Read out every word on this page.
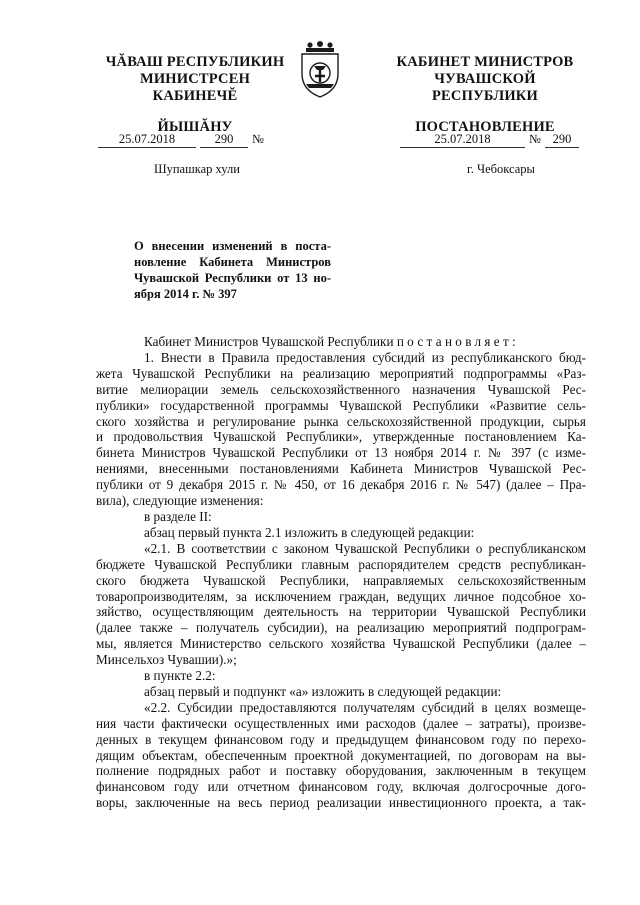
ЧĂВАШ РЕСПУБЛИКИН
МИНИСТРСЕН КАБИНЕЧĔ
ЙЫШĂНУ
КАБИНЕТ МИНИСТРОВ
ЧУВАШСКОЙ РЕСПУБЛИКИ
ПОСТАНОВЛЕНИЕ
25.07.2018	290 №	25.07.2018	№ 290
Шупашкар хули	г. Чебоксары
О внесении изменений в поста-
новление Кабинета Министров
Чувашской Республики от 13 но-
ября 2014 г. № 397

Кабинет Министров Чувашской Республики постановляет:

1. Внести в Правила предоставления субсидий из республиканского бюд-

жета Чувашской Республики на реализацию мероприятий подпрограммы «Раз-

витие мелиорации земель сельскохозяйственного назначения Чувашской Рес-

публики» государственной программы Чувашской Республики «Развитие сель-

ского хозяйства и регулирование рынка сельскохозяйственной продукции, сырья

и продовольствия Чувашской Республики», утвержденные постановлением Ка-

бинета Министров Чувашской Республики от 13 ноября 2014 г. № 397 (с изме-

нениями, внесенными постановлениями Кабинета Министров Чувашской Рес-

публики от 9 декабря 2015 г. № 450, от 16 декабря 2016 г. № 547) (далее – Пра-

вила), следующие изменения:

в разделе II:

абзац первый пункта 2.1 изложить в следующей редакции:

«2.1. В соответствии с законом Чувашской Республики о республиканском

бюджете Чувашской Республики главным распорядителем средств республикан-

ского бюджета Чувашской Республики, направляемых сельскохозяйственным

товаропроизводителям, за исключением граждан, ведущих личное подсобное хо-

зяйство, осуществляющим деятельность на территории Чувашской Республики

(далее также – получатель субсидии), на реализацию мероприятий подпрограм-

мы, является Министерство сельского хозяйства Чувашской Республики (далее –

Минсельхоз Чувашии).»;

в пункте 2.2:

абзац первый и подпункт «а» изложить в следующей редакции:

«2.2. Субсидии предоставляются получателям субсидий в целях возмеще-

ния части фактически осуществленных ими расходов (далее – затраты), произве-

денных в текущем финансовом году и предыдущем финансовом году по перехо-

дящим объектам, обеспеченным проектной документацией, по договорам на вы-

полнение подрядных работ и поставку оборудования, заключенным в текущем

финансовом году или отчетном финансовом году, включая долгосрочные дого-

воры, заключенные на весь период реализации инвестиционного проекта, а так-
